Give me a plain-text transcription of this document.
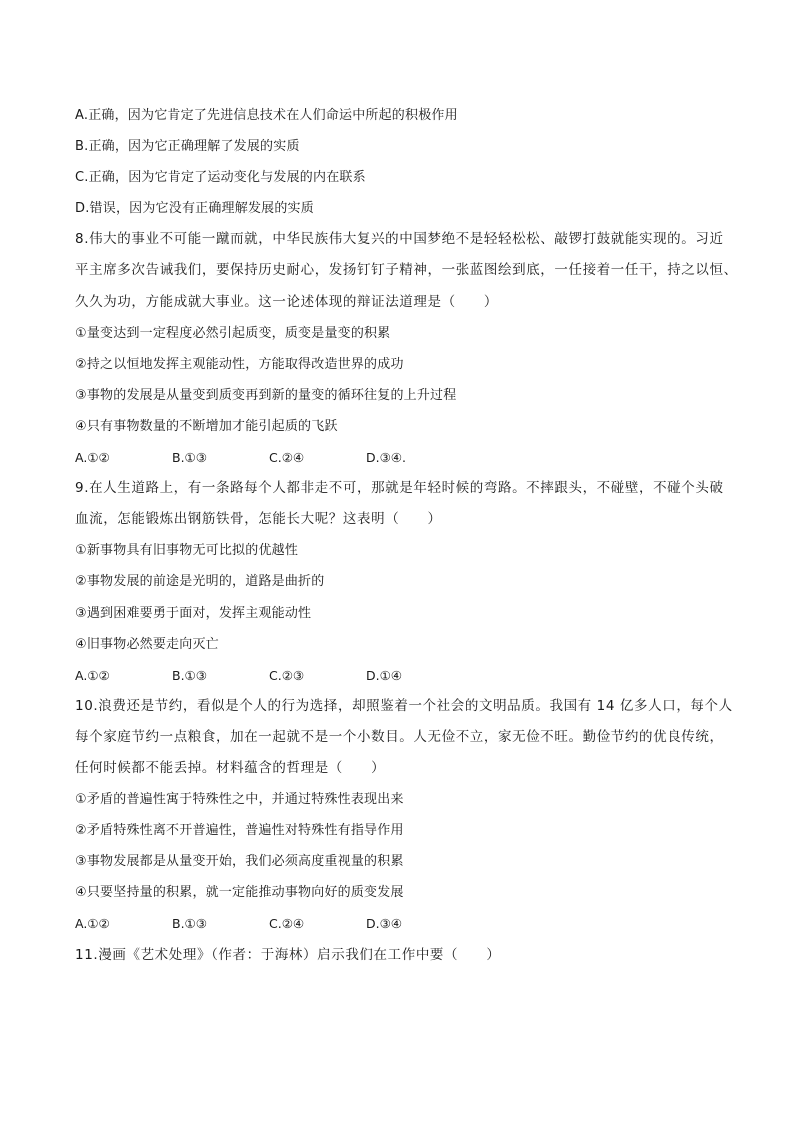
A.正确，因为它肯定了先进信息技术在人们命运中所起的积极作用
B.正确，因为它正确理解了发展的实质
C.正确，因为它肯定了运动变化与发展的内在联系
D.错误，因为它没有正确理解发展的实质
8.伟大的事业不可能一蹴而就，中华民族伟大复兴的中国梦绝不是轻轻松松、敲锣打鼓就能实现的。习近
平主席多次告诫我们，要保持历史耐心，发扬钉钉子精神，一张蓝图绘到底，一任接着一任干，持之以恒、
久久为功，方能成就大事业。这一论述体现的辩证法道理是（　　）
①量变达到一定程度必然引起质变，质变是量变的积累
②持之以恒地发挥主观能动性，方能取得改造世界的成功
③事物的发展是从量变到质变再到新的量变的循环往复的上升过程
④只有事物数量的不断增加才能引起质的飞跃
A.①②	B.①③	C.②④	D.③④.
9.在人生道路上，有一条路每个人都非走不可，那就是年轻时候的弯路。不摔跟头，不碰壁，不碰个头破
血流，怎能锻炼出钢筋铁骨，怎能长大呢？这表明（　　）
①新事物具有旧事物无可比拟的优越性
②事物发展的前途是光明的，道路是曲折的
③遇到困难要勇于面对，发挥主观能动性
④旧事物必然要走向灭亡
A.①②	B.①③	C.②③	D.①④
10.浪费还是节约，看似是个人的行为选择，却照鉴着一个社会的文明品质。我国有 14 亿多人口，每个人
每个家庭节约一点粮食，加在一起就不是一个小数目。人无俭不立，家无俭不旺。勤俭节约的优良传统，
任何时候都不能丢掉。材料蕴含的哲理是（　　）
①矛盾的普遍性寓于特殊性之中，并通过特殊性表现出来
②矛盾特殊性离不开普遍性，普遍性对特殊性有指导作用
③事物发展都是从量变开始，我们必须高度重视量的积累
④只要坚持量的积累，就一定能推动事物向好的质变发展
A.①②	B.①③	C.②④	D.③④
11.漫画《艺术处理》（作者：于海林）启示我们在工作中要（　　）
